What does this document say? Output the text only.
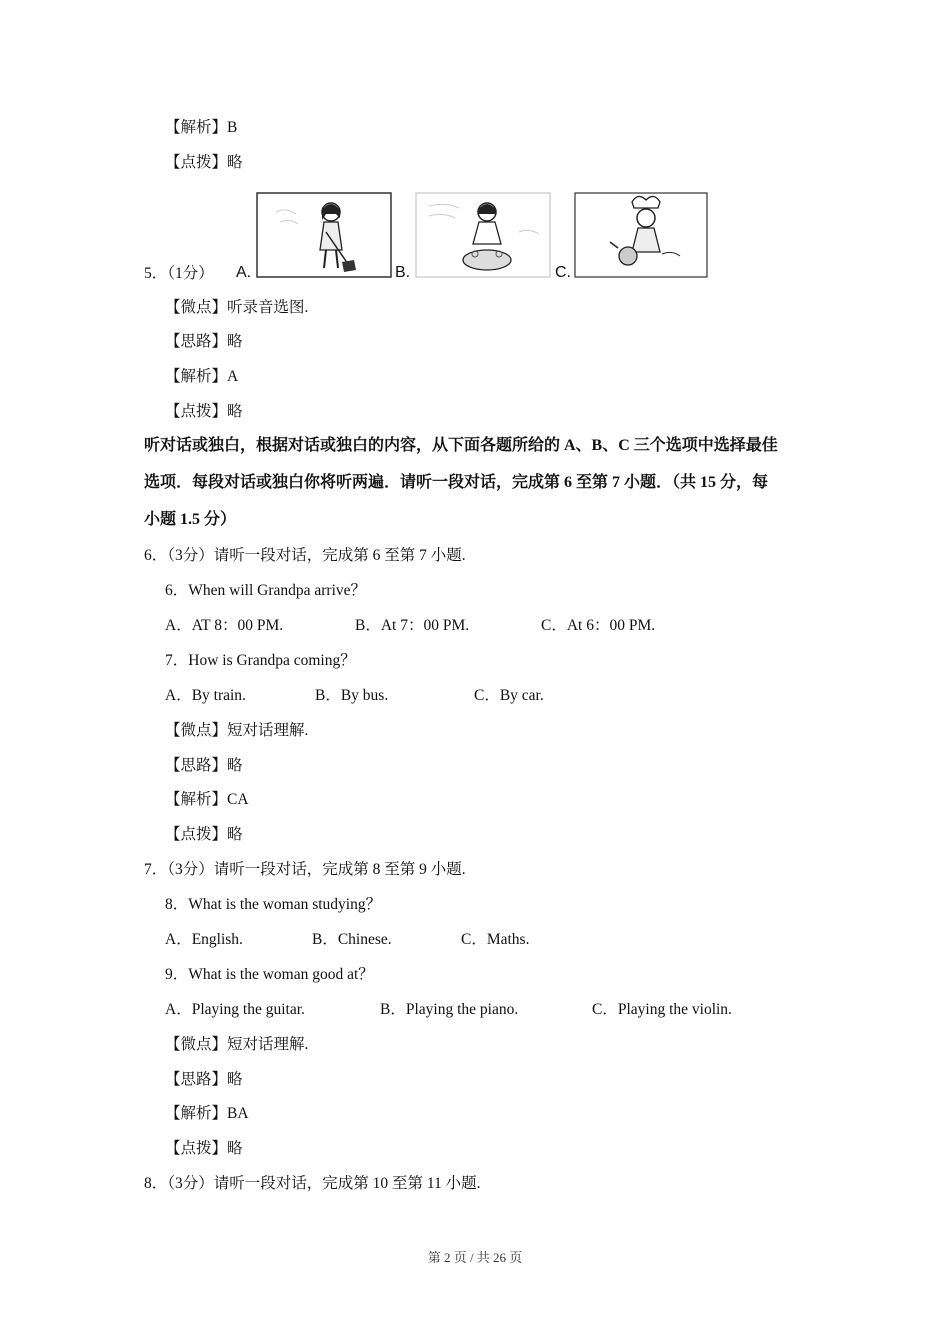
【解析】B
【点拨】略
5．（1分） A.	B.	C.
【微点】听录音选图.
【思路】略
【解析】A
【点拨】略
听对话或独白，根据对话或独白的内容，从下面各题所给的 A、B、C 三个选项中选择最佳
选项．每段对话或独白你将听两遍．请听一段对话，完成第 6 至第 7 小题．（共 15 分，每
小题 1.5 分）
6．（3分）请听一段对话，完成第 6 至第 7 小题.
6．When will Grandpa arrive？
A．AT 8：00 PM.	B．At 7：00 PM.	C．At 6：00 PM.
7．How is Grandpa coming？
A．By train.	B．By bus.	C．By car.
【微点】短对话理解.
【思路】略
【解析】CA
【点拨】略
7．（3分）请听一段对话，完成第 8 至第 9 小题.
8．What is the woman studying？
A．English.	B．Chinese.	C．Maths.
9．What is the woman good at？
A．Playing the guitar.	B．Playing the piano.	C．Playing the violin.
【微点】短对话理解.
【思路】略
【解析】BA
【点拨】略
8．（3分）请听一段对话，完成第 10 至第 11 小题.
第 2 页 / 共 26 页
